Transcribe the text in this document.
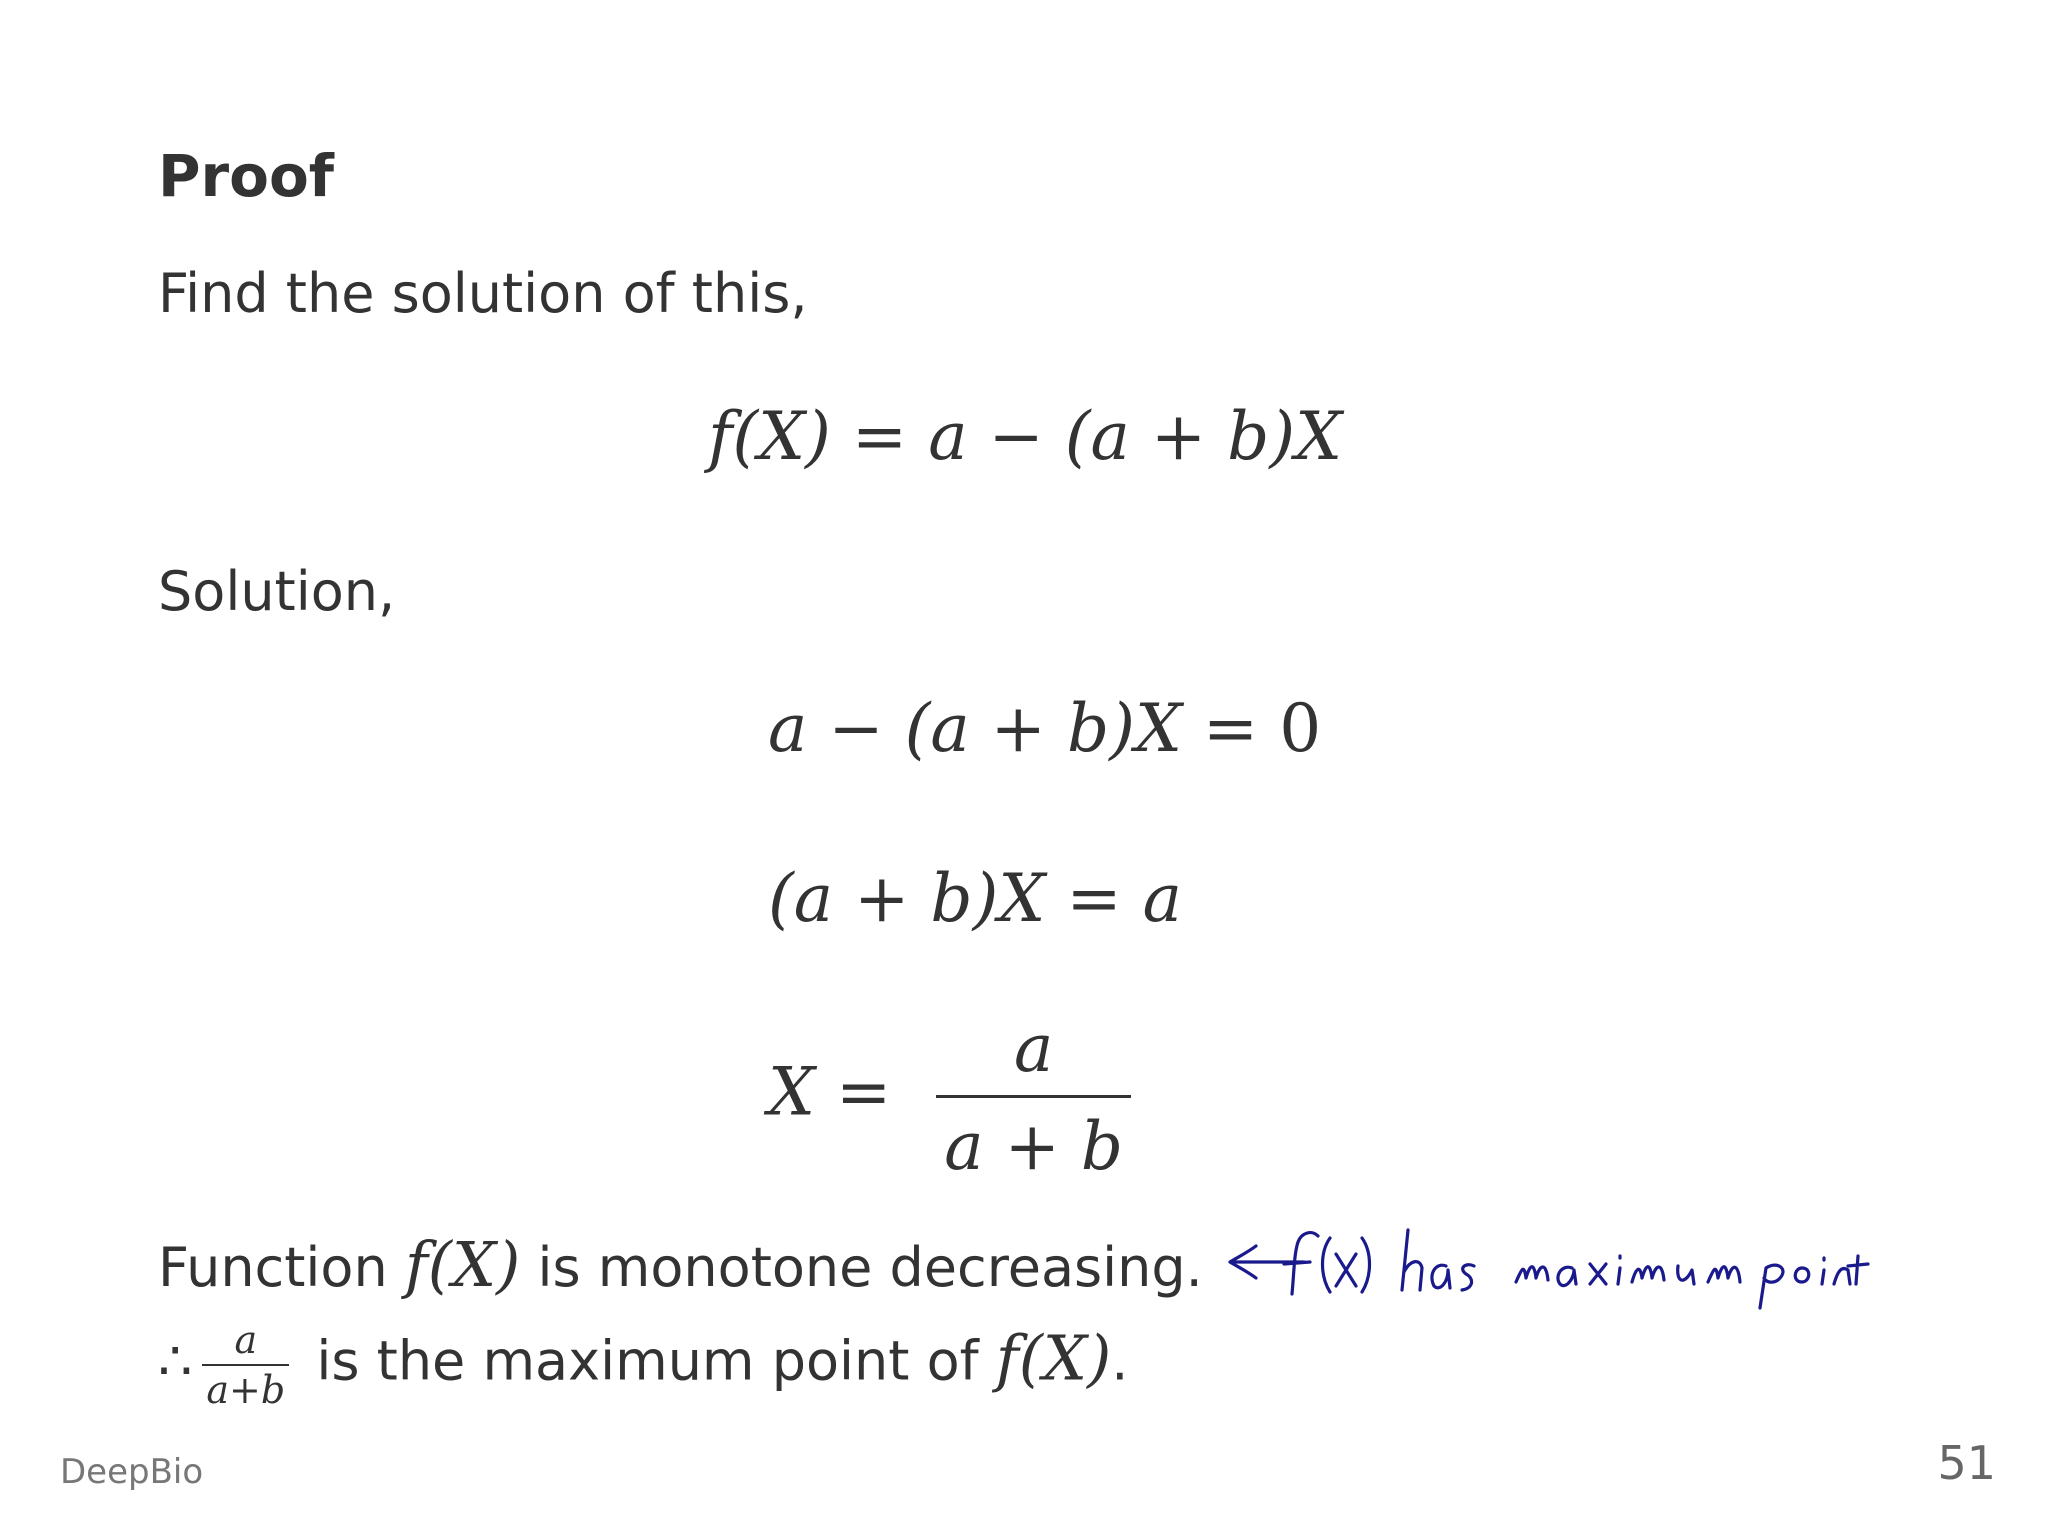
Proof
Find the solution of this,
f(X) = a − (a + b)X
Solution,
a − (a + b)X = 0
(a + b)X = a
$X = \frac{a}{a + b}$
Function f(X) is monotone decreasing.
∴ $\frac{a}{a+b}$ is the maximum point of f(X).
DeepBio	51
